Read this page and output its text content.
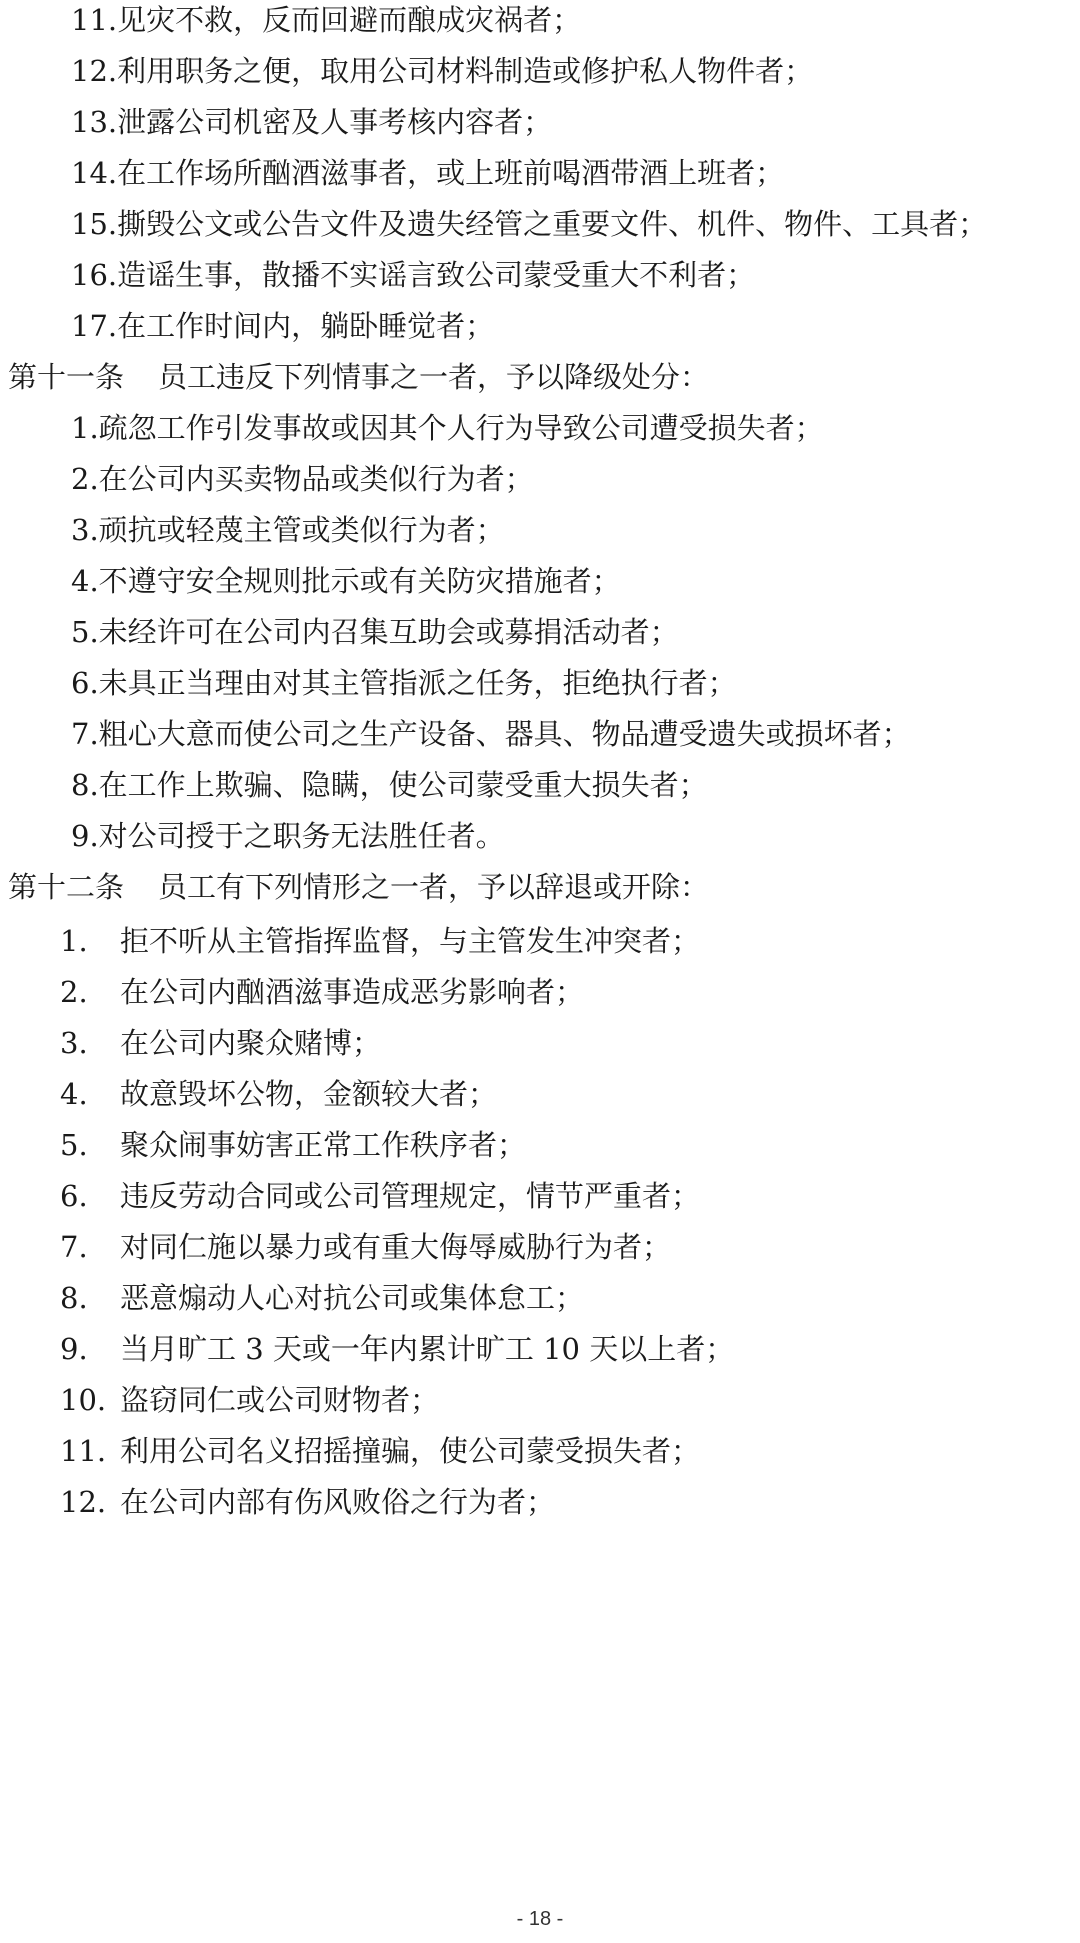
11.见灾不救，反而回避而酿成灾祸者；
12.利用职务之便，取用公司材料制造或修护私人物件者；
13.泄露公司机密及人事考核内容者；
14.在工作场所酗酒滋事者，或上班前喝酒带酒上班者；
15.撕毁公文或公告文件及遗失经管之重要文件、机件、物件、工具者；
16.造谣生事，散播不实谣言致公司蒙受重大不利者；
17.在工作时间内，躺卧睡觉者；
第十一条 员工违反下列情事之一者，予以降级处分：
1.疏忽工作引发事故或因其个人行为导致公司遭受损失者；
2.在公司内买卖物品或类似行为者；
3.顽抗或轻蔑主管或类似行为者；
4.不遵守安全规则批示或有关防灾措施者；
5.未经许可在公司内召集互助会或募捐活动者；
6.未具正当理由对其主管指派之任务，拒绝执行者；
7.粗心大意而使公司之生产设备、器具、物品遭受遗失或损坏者；
8.在工作上欺骗、隐瞒，使公司蒙受重大损失者；
9.对公司授于之职务无法胜任者。
第十二条 员工有下列情形之一者，予以辞退或开除：
1. 拒不听从主管指挥监督，与主管发生冲突者；
2. 在公司内酗酒滋事造成恶劣影响者；
3. 在公司内聚众赌博；
4. 故意毁坏公物，金额较大者；
5. 聚众闹事妨害正常工作秩序者；
6. 违反劳动合同或公司管理规定，情节严重者；
7. 对同仁施以暴力或有重大侮辱威胁行为者；
8. 恶意煽动人心对抗公司或集体怠工；
9. 当月旷工 3 天或一年内累计旷工 10 天以上者；
10. 盗窃同仁或公司财物者；
11. 利用公司名义招摇撞骗，使公司蒙受损失者；
12. 在公司内部有伤风败俗之行为者；
- 18 -
